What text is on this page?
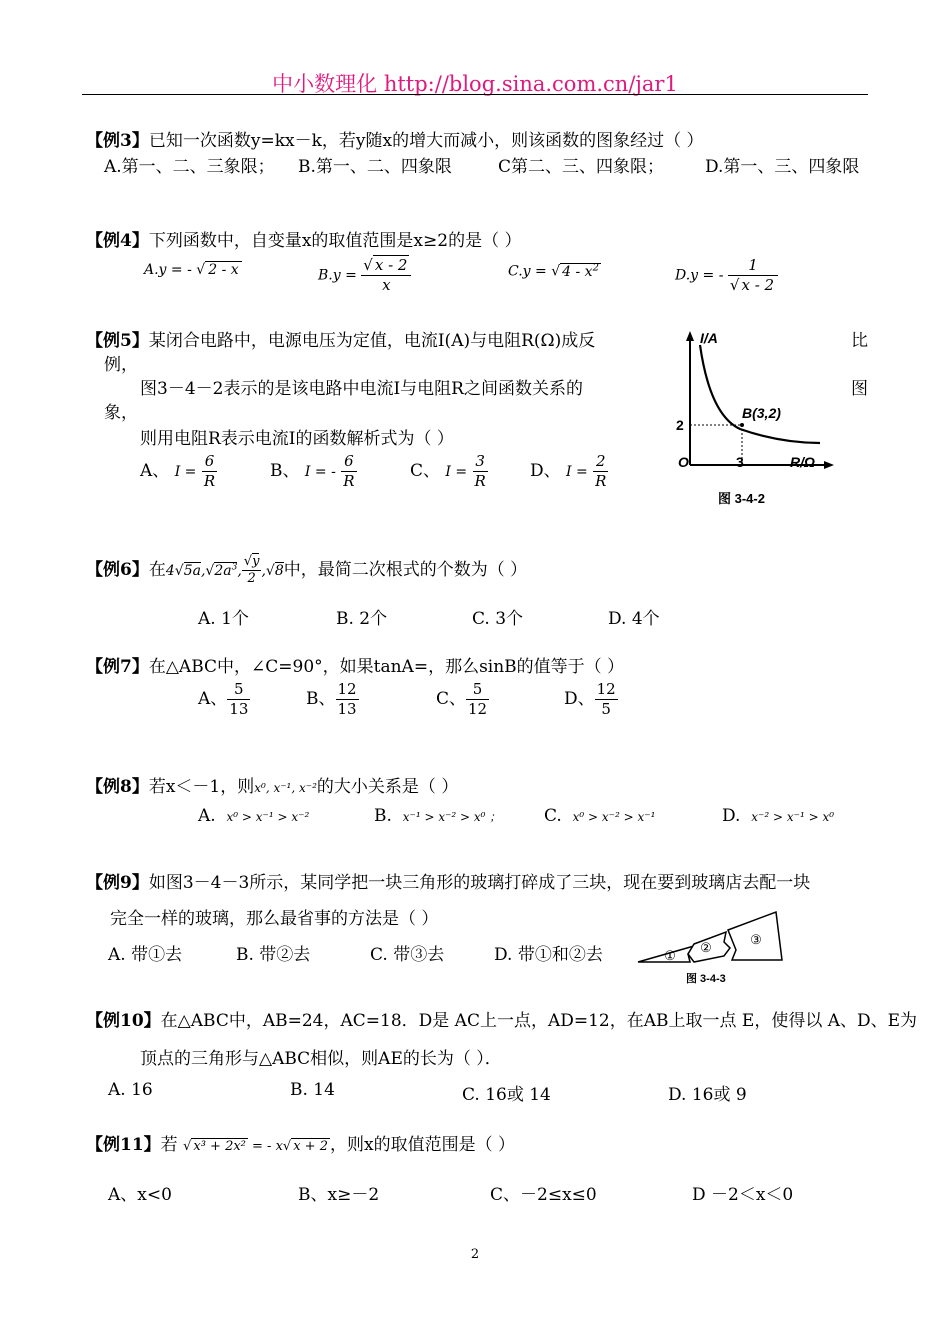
中小数理化 http://blog.sina.com.cn/jar1
【例3】已知一次函数y=kx－k，若y随x的增大而减小，则该函数的图象经过（ ）
A.第一、二、三象限； B.第一、二、四象限	C第二、三、四象限； D.第一、三、四象限
【例4】下列函数中，自变量x的取值范围是x≥2的是（ ）
A.y = - √ 2 - x	$B.y = \frac{√ x - 2}{x}$	C.y = √ $4 - x^2$	D.y = - $\frac{1}{√ x - 2}$
【例5】某闭合电路中，电源电压为定值，电流I(A)与电阻R(Ω)成反	比
例，
图3－4－2表示的是该电路中电流I与电阻R之间函数关系的	图
象，
则用电阻R表示电流I的函数解析式为（ ）
A、 $I = \frac{6}{R}$	B、 I = - $\frac{6}{R}$	C、 $I = \frac{3}{R}$ D、 $I = \frac{2}{R}$
I/A
R/Ω
O
2
3
B(3,2)
图 3-4-2
【例6】在$4√5a,√2a^3$, $\frac{√y}{2} ,√8$中，最简二次根式的个数为（ ）
A. 1个	B. 2个	C. 3个	D. 4个
【例7】在△ABC中，∠C=90°，如果tanA=，那么sinB的值等于（ ）
A、 $\frac{5}{13}$	B、 $\frac{12}{13}$	C、 $\frac{5}{12}$	D、 $\frac{12}{5}$
【例8】若x＜－1，则x⁰, x⁻¹, x⁻²的大小关系是（ ）
A. x⁰ > x⁻¹ > x⁻²	B. x⁻¹ > x⁻² > x⁰ ；	C. x⁰ > x⁻² > x⁻¹	D. x⁻² > x⁻¹ > x⁰
【例9】如图3－4－3所示，某同学把一块三角形的玻璃打碎成了三块，现在要到玻璃店去配一块
完全一样的玻璃，那么最省事的方法是（ ）
A. 带①去	B. 带②去	C. 带③去	D. 带①和②去	①
②
③
图 3-4-3
【例10】在△ABC中，AB=24，AC=18．D是 AC上一点，AD=12，在AB上取一点 E，使得以 A、D、E为
顶点的三角形与△ABC相似，则AE的长为（ ）．
A. 16	B. 14	C. 16或 14	D. 16或 9
【例11】若 √ x³ + 2x² = - x√ x + 2 ，则x的取值范围是（ ）
A、x<0	B、x≥－2	C、－2≤x≤0	D －2＜x＜0
2
